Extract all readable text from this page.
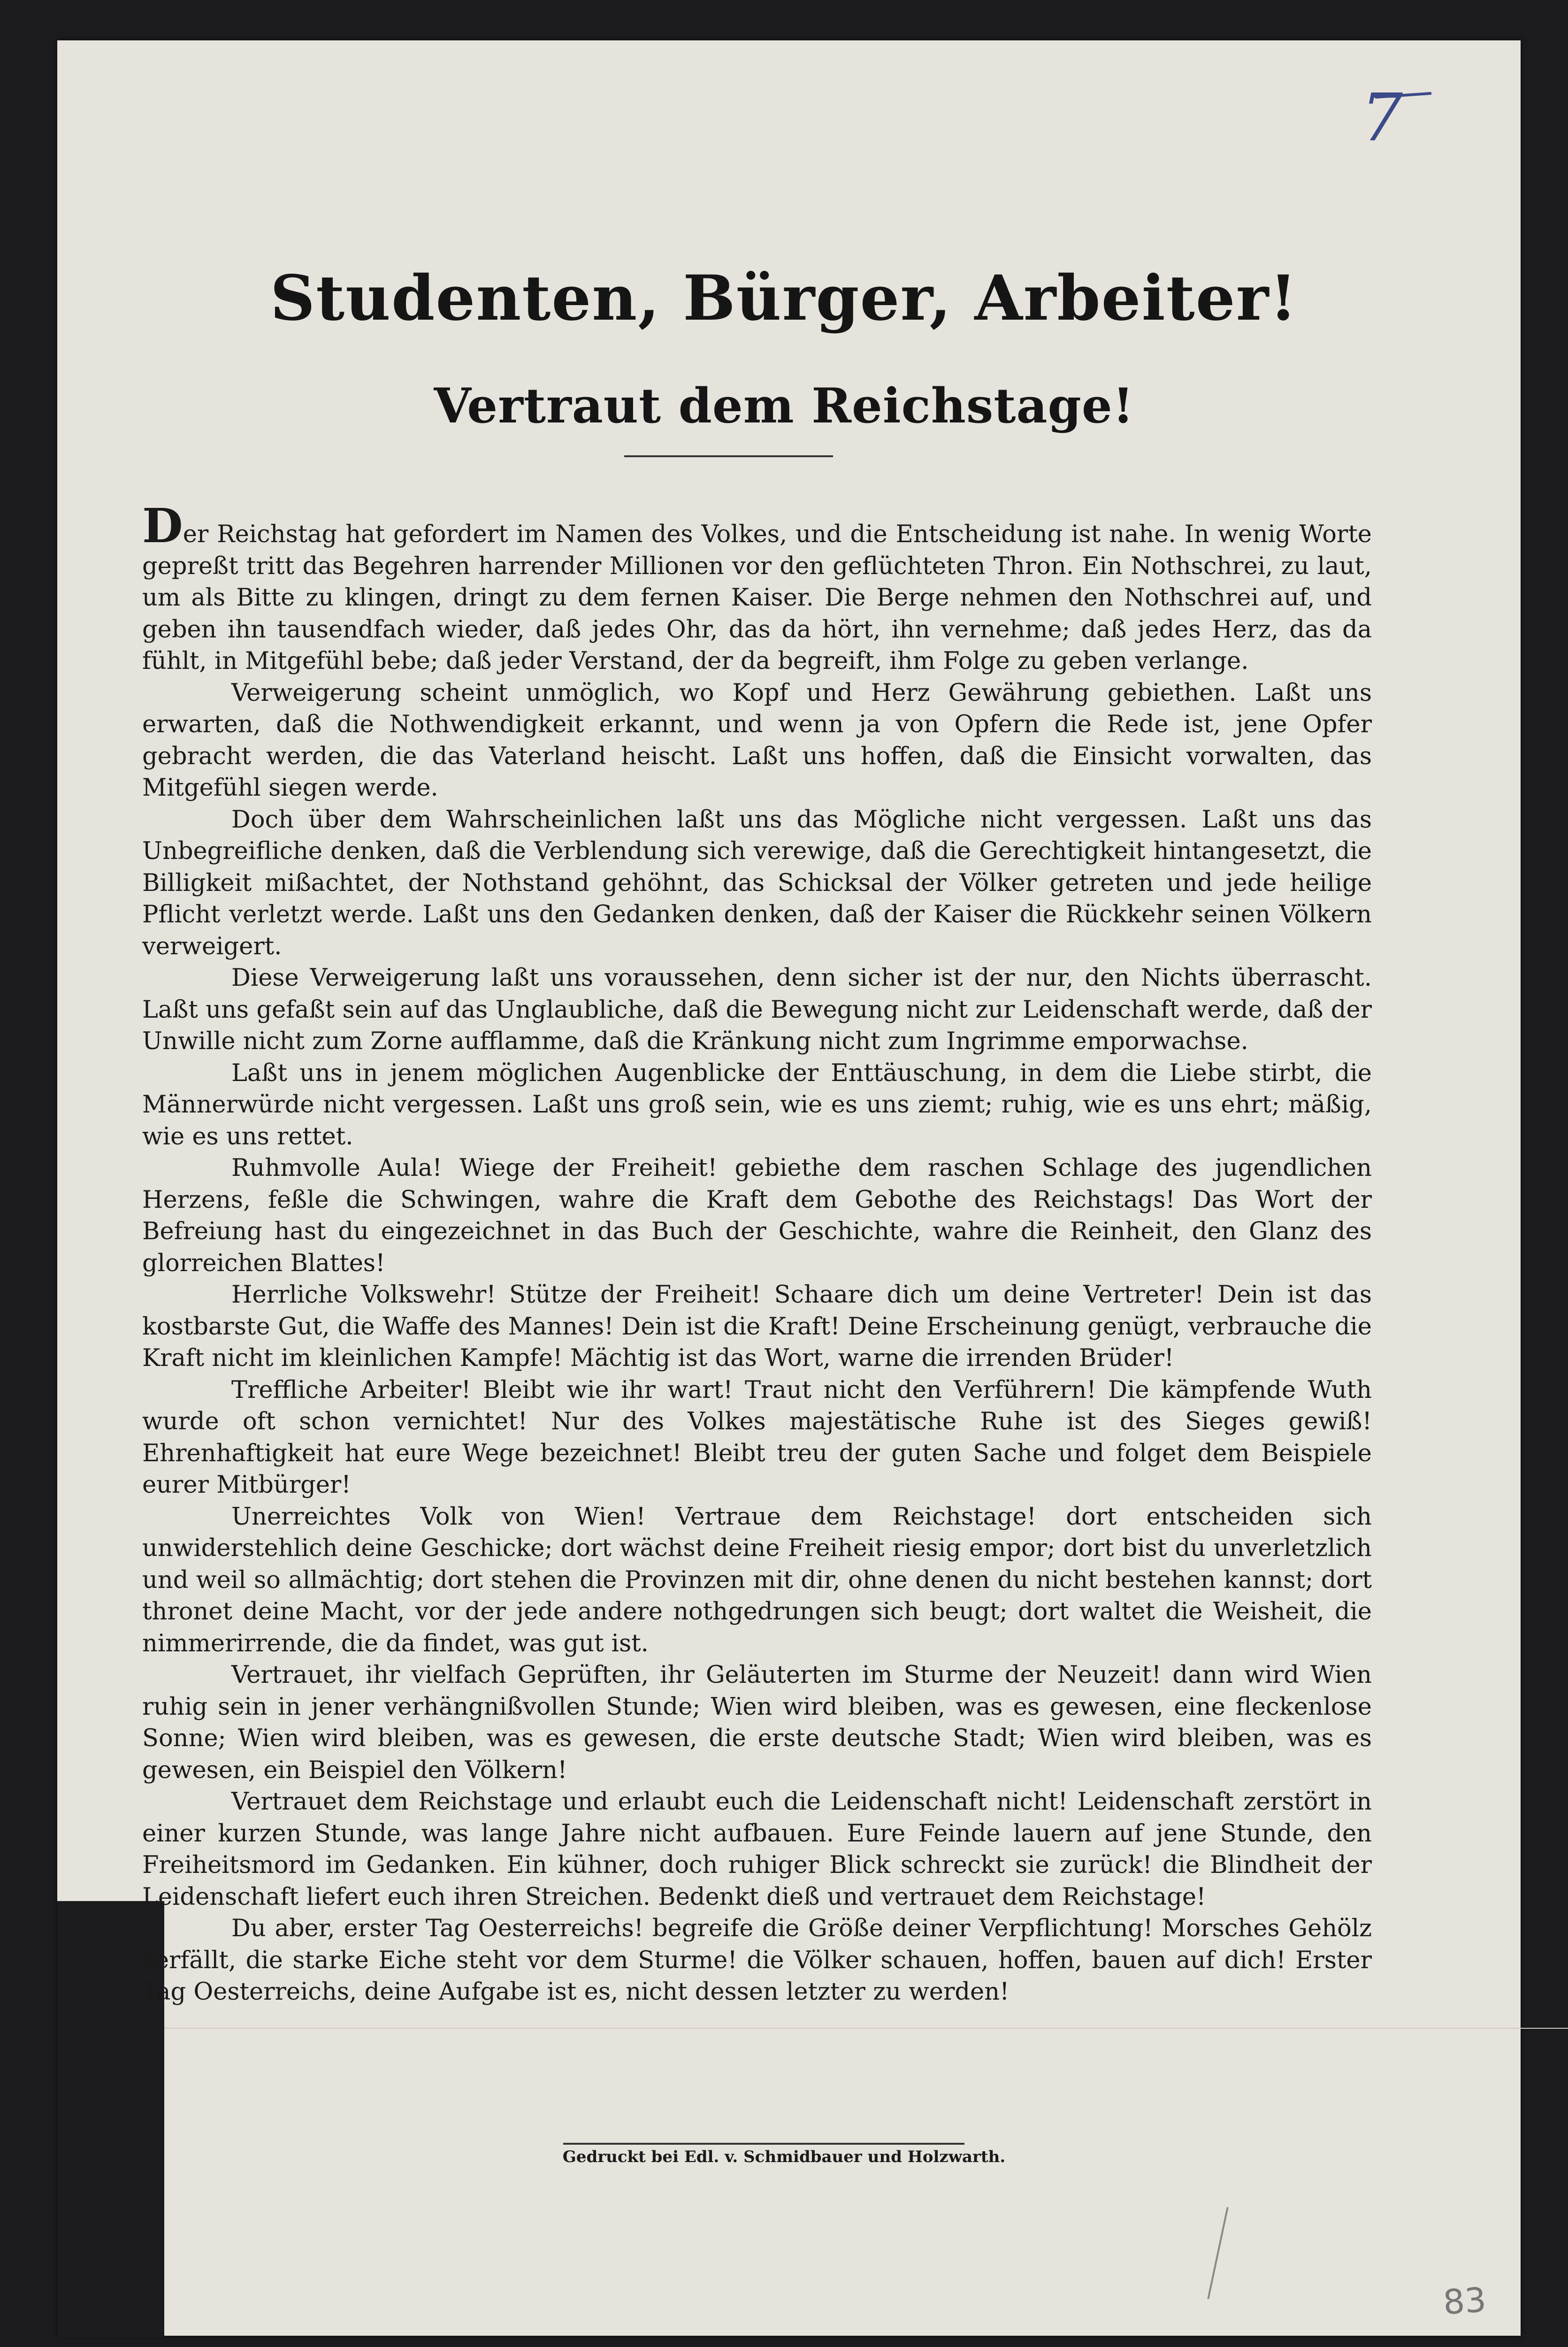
7
Studenten, Bürger, Arbeiter!
Vertraut dem Reichstage!

Der Reichstag hat gefordert im Namen des Volkes, und die Entscheidung ist nahe. In wenig Worte gepreßt tritt das Begehren harrender Millionen vor den geflüchteten Thron. Ein Nothschrei, zu laut, um als Bitte zu klingen, dringt zu dem fernen Kaiser. Die Berge nehmen den Nothschrei auf, und geben ihn tausendfach wieder, daß jedes Ohr, das da hört, ihn vernehme; daß jedes Herz, das da fühlt, in Mitgefühl bebe; daß jeder Verstand, der da begreift, ihm Folge zu geben verlange.

Verweigerung scheint unmöglich, wo Kopf und Herz Gewährung gebiethen. Laßt uns erwarten, daß die Nothwendigkeit erkannt, und wenn ja von Opfern die Rede ist, jene Opfer gebracht werden, die das Vaterland heischt. Laßt uns hoffen, daß die Einsicht vorwalten, das Mitgefühl siegen werde.

Doch über dem Wahrscheinlichen laßt uns das Mögliche nicht vergessen. Laßt uns das Unbegreifliche denken, daß die Verblendung sich verewige, daß die Gerechtigkeit hintangesetzt, die Billigkeit mißachtet, der Nothstand gehöhnt, das Schicksal der Völker getreten und jede heilige Pflicht verletzt werde. Laßt uns den Gedanken denken, daß der Kaiser die Rückkehr seinen Völkern verweigert.

Diese Verweigerung laßt uns voraussehen, denn sicher ist der nur, den Nichts überrascht. Laßt uns gefaßt sein auf das Unglaubliche, daß die Bewegung nicht zur Leidenschaft werde, daß der Unwille nicht zum Zorne aufflamme, daß die Kränkung nicht zum Ingrimme emporwachse.

Laßt uns in jenem möglichen Augenblicke der Enttäuschung, in dem die Liebe stirbt, die Männerwürde nicht vergessen. Laßt uns groß sein, wie es uns ziemt; ruhig, wie es uns ehrt; mäßig, wie es uns rettet.

Ruhmvolle Aula! Wiege der Freiheit! gebiethe dem raschen Schlage des jugendlichen Herzens, feßle die Schwingen, wahre die Kraft dem Gebothe des Reichstags! Das Wort der Befreiung hast du eingezeichnet in das Buch der Geschichte, wahre die Reinheit, den Glanz des glorreichen Blattes!

Herrliche Volkswehr! Stütze der Freiheit! Schaare dich um deine Vertreter! Dein ist das kostbarste Gut, die Waffe des Mannes! Dein ist die Kraft! Deine Erscheinung genügt, verbrauche die Kraft nicht im kleinlichen Kampfe! Mächtig ist das Wort, warne die irrenden Brüder!

Treffliche Arbeiter! Bleibt wie ihr wart! Traut nicht den Verführern! Die kämpfende Wuth wurde oft schon vernichtet! Nur des Volkes majestätische Ruhe ist des Sieges gewiß! Ehrenhaftigkeit hat eure Wege bezeichnet! Bleibt treu der guten Sache und folget dem Beispiele eurer Mitbürger!

Unerreichtes Volk von Wien! Vertraue dem Reichstage! dort entscheiden sich unwiderstehlich deine Geschicke; dort wächst deine Freiheit riesig empor; dort bist du unverletzlich und weil so allmächtig; dort stehen die Provinzen mit dir, ohne denen du nicht bestehen kannst; dort thronet deine Macht, vor der jede andere nothgedrungen sich beugt; dort waltet die Weisheit, die nimmerirrende, die da findet, was gut ist.

Vertrauet, ihr vielfach Geprüften, ihr Geläuterten im Sturme der Neuzeit! dann wird Wien ruhig sein in jener verhängnißvollen Stunde; Wien wird bleiben, was es gewesen, eine fleckenlose Sonne; Wien wird bleiben, was es gewesen, die erste deutsche Stadt; Wien wird bleiben, was es gewesen, ein Beispiel den Völkern!

Vertrauet dem Reichstage und erlaubt euch die Leidenschaft nicht! Leidenschaft zerstört in einer kurzen Stunde, was lange Jahre nicht aufbauen. Eure Feinde lauern auf jene Stunde, den Freiheitsmord im Gedanken. Ein kühner, doch ruhiger Blick schreckt sie zurück! die Blindheit der Leidenschaft liefert euch ihren Streichen. Bedenkt dieß und vertrauet dem Reichstage!

Du aber, erster Tag Oesterreichs! begreife die Größe deiner Verpflichtung! Morsches Gehölz zerfällt, die starke Eiche steht vor dem Sturme! die Völker schauen, hoffen, bauen auf dich! Erster Tag Oesterreichs, deine Aufgabe ist es, nicht dessen letzter zu werden!

Gedruckt bei Edl. v. Schmidbauer und Holzwarth.
83
